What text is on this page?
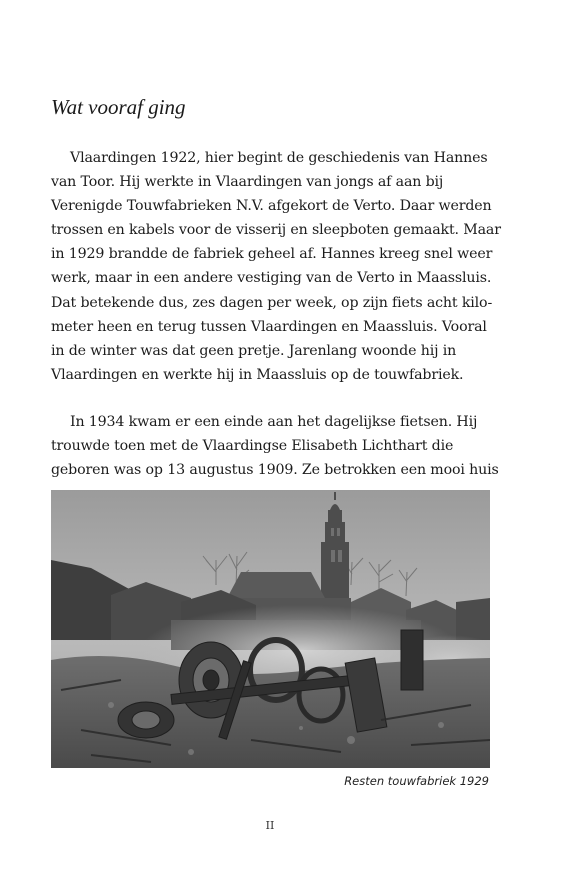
Wat vooraf ging

Vlaardingen 1922, hier begint de geschiedenis van Hannes
van Toor. Hij werkte in Vlaardingen van jongs af aan bij
Verenigde Touwfabrieken N.V. afgekort de Verto. Daar werden
trossen en kabels voor de visserij en sleepboten gemaakt. Maar
in 1929 brandde de fabriek geheel af. Hannes kreeg snel weer
werk, maar in een andere vestiging van de Verto in Maassluis.
Dat betekende dus, zes dagen per week, op zijn fiets acht kilo-
meter heen en terug tussen Vlaardingen en Maassluis. Vooral
in de winter was dat geen pretje. Jarenlang woonde hij in
Vlaardingen en werkte hij in Maassluis op de touwfabriek.

In 1934 kwam er een einde aan het dagelijkse fietsen. Hij
trouwde toen met de Vlaardingse Elisabeth Lichthart die
geboren was op 13 augustus 1909. Ze betrokken een mooi huis

Resten touwfabriek 1929

II
